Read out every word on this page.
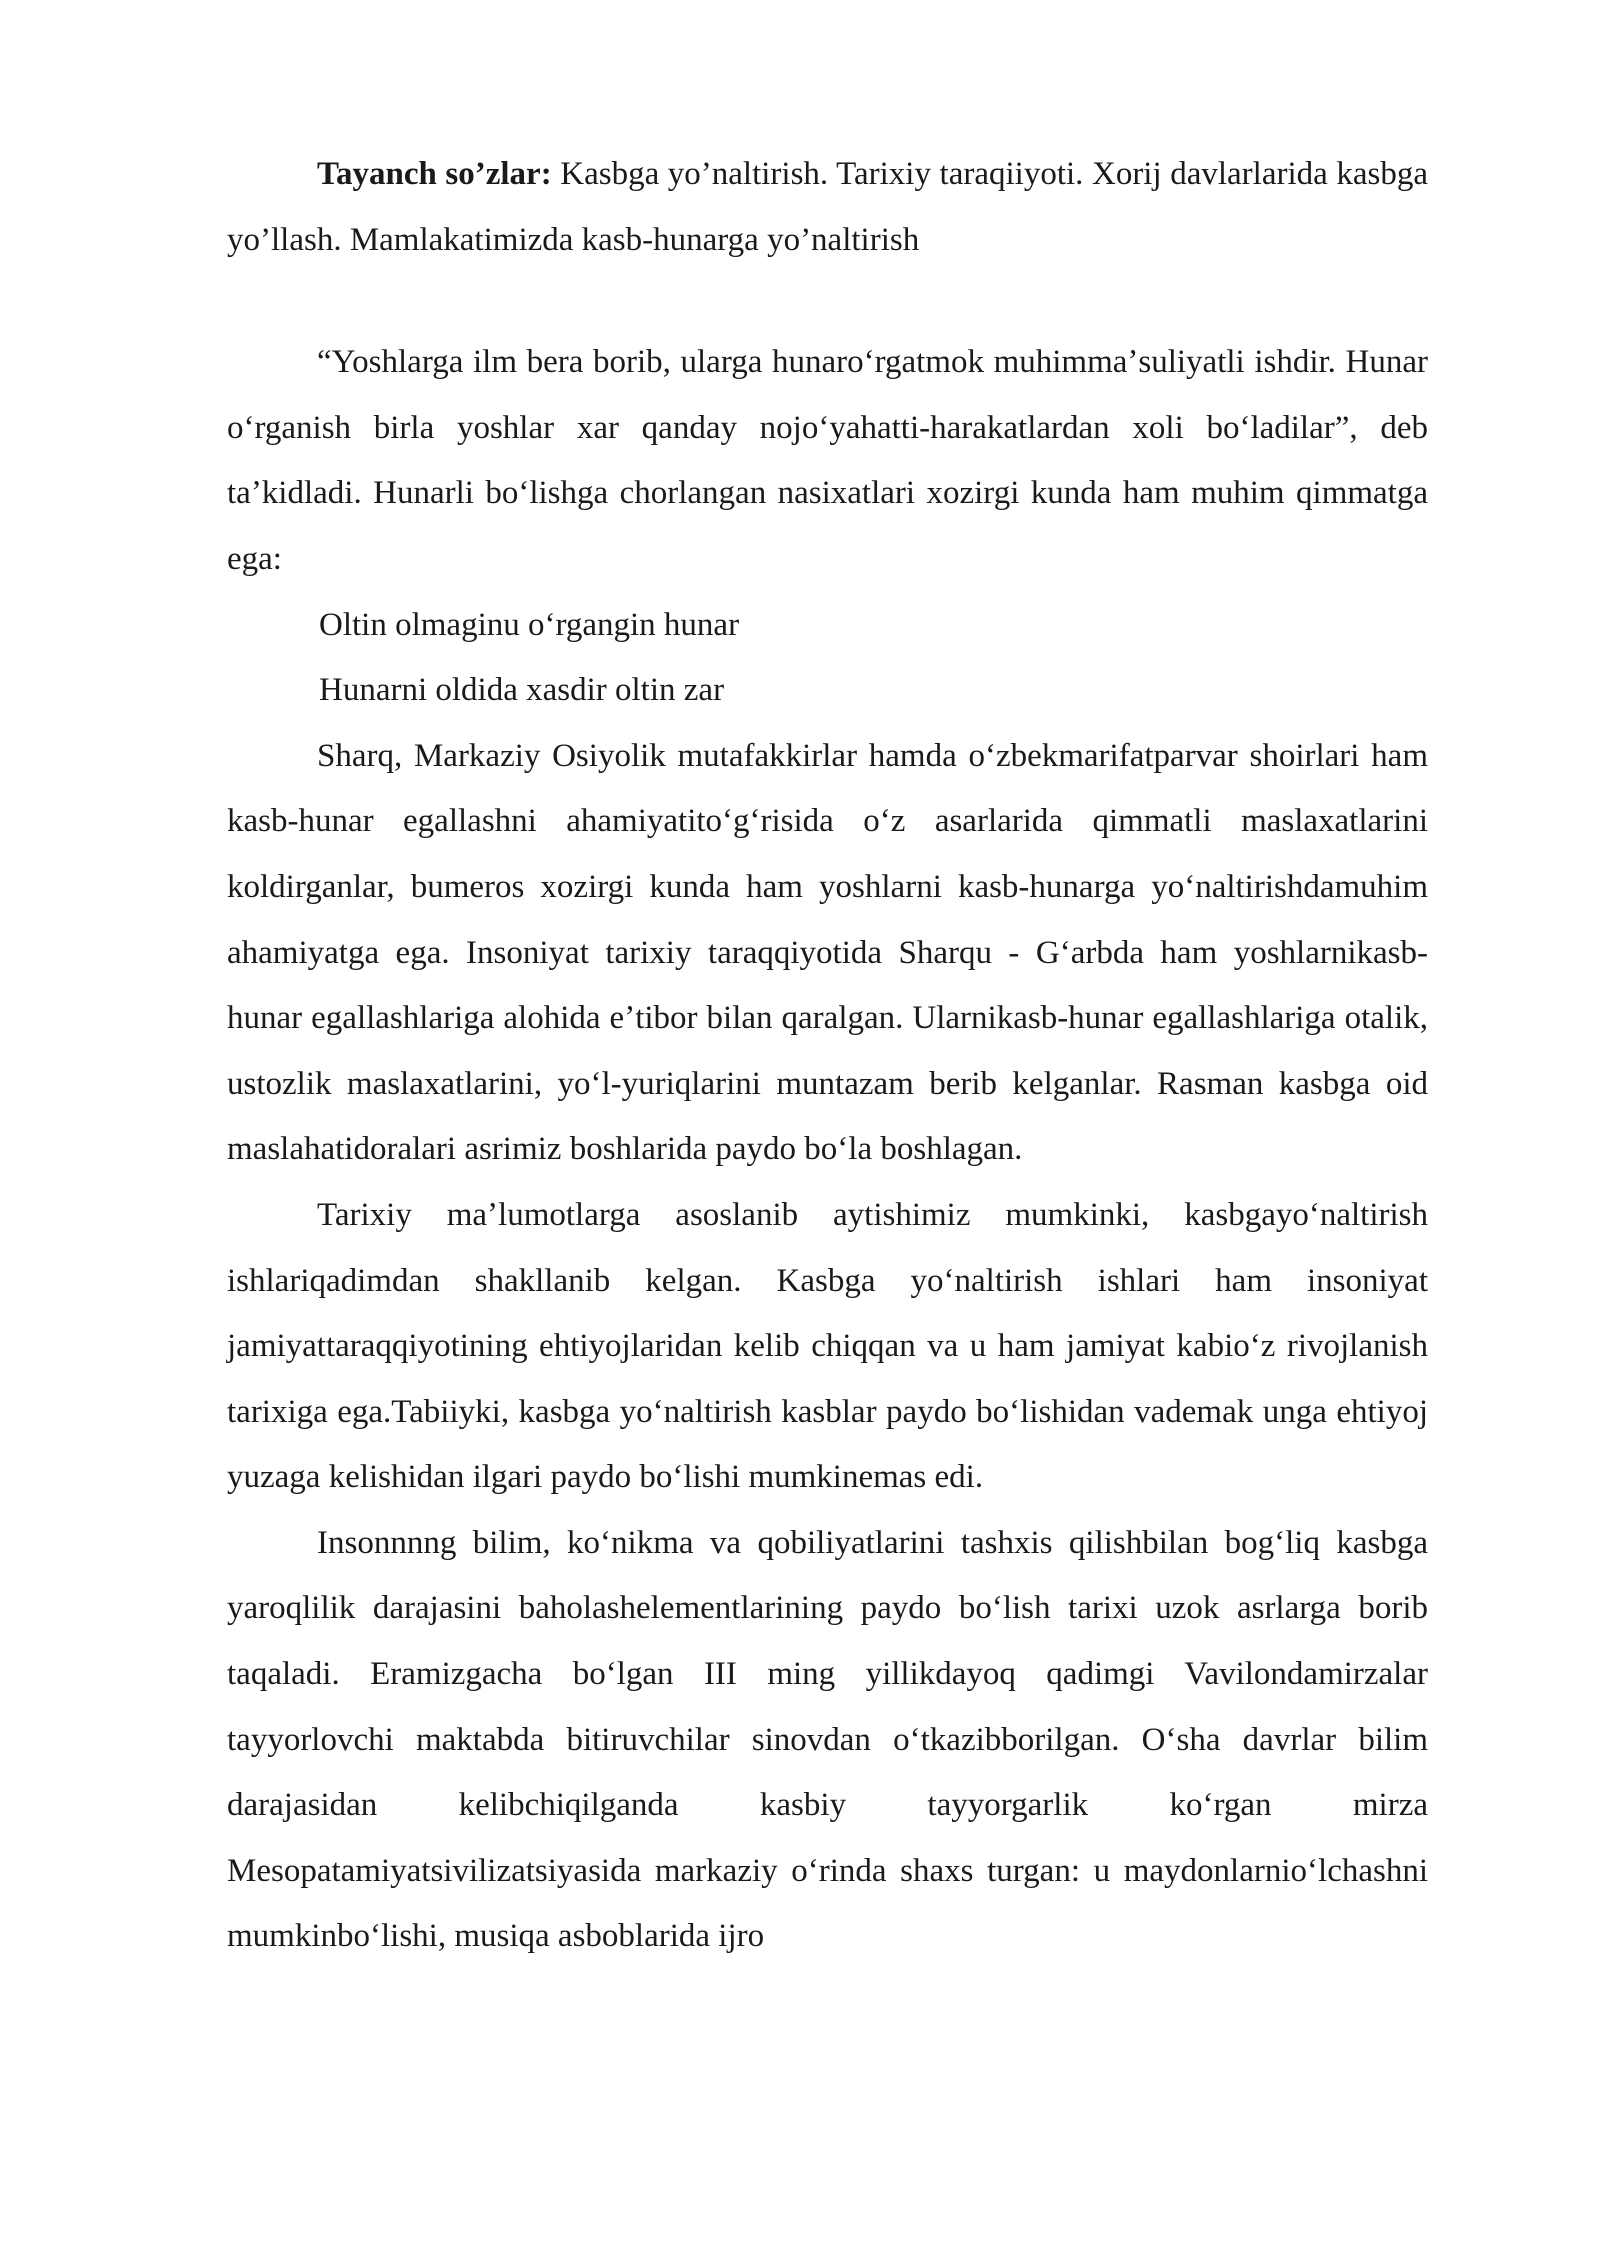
Tayanch so’zlar: Kasbga yo’naltirish. Tarixiy taraqiiyoti. Xorij davlarlarida kasbga yo’llash. Mamlakatimizda kasb-hunarga yo’naltirish

“Yoshlarga ilm bera borib, ularga hunaroʻrgatmok muhimmaʼsuliyatli ishdir. Hunar oʻrganish birla yoshlar xar qanday nojoʻyahatti-harakatlardan xoli boʻladilar”, deb taʼkidladi. Hunarli boʻlishga chorlangan nasixatlari xozirgi kunda ham muhim qimmatga ega:

Oltin olmaginu oʻrgangin hunar

Hunarni oldida xasdir oltin zar

Sharq, Markaziy Osiyolik mutafakkirlar hamda oʻzbekmarifatparvar shoirlari ham kasb-hunar egallashni ahamiyatitoʻgʻrisida oʻz asarlarida qimmatli maslaxatlarini koldirganlar, bumeros xozirgi kunda ham yoshlarni kasb-hunarga yoʻnaltirishdamuhim ahamiyatga ega. Insoniyat tarixiy taraqqiyotida Sharqu - Gʻarbda ham yoshlarnikasb-hunar egallashlariga alohida eʼtibor bilan qaralgan. Ularnikasb-hunar egallashlariga otalik, ustozlik maslaxatlarini, yoʻl-yuriqlarini muntazam berib kelganlar. Rasman kasbga oid maslahatidoralari asrimiz boshlarida paydo boʻla boshlagan.

Tarixiy maʼlumotlarga asoslanib aytishimiz mumkinki, kasbgayoʻnaltirish ishlariqadimdan shakllanib kelgan. Kasbga yoʻnaltirish ishlari ham insoniyat jamiyattaraqqiyotining ehtiyojlaridan kelib chiqqan va u ham jamiyat kabioʻz rivojlanish tarixiga ega.Tabiiyki, kasbga yoʻnaltirish kasblar paydo boʻlishidan vademak unga ehtiyoj yuzaga kelishidan ilgari paydo boʻlishi mumkinemas edi.

Insonnnng bilim, koʻnikma va qobiliyatlarini tashxis qilishbilan bogʻliq kasbga yaroqlilik darajasini baholashelementlarining paydo boʻlish tarixi uzok asrlarga borib taqaladi. Eramizgacha boʻlgan III ming yillikdayoq qadimgi Vavilondamirzalar tayyorlovchi maktabda bitiruvchilar sinovdan oʻtkazibborilgan. Oʻsha davrlar bilim darajasidan kelibchiqilganda kasbiy tayyorgarlik koʻrgan mirza Mesopatamiyatsivilizatsiyasida markaziy oʻrinda shaxs turgan: u maydonlarnioʻlchashni mumkinboʻlishi, musiqa asboblarida ijro
